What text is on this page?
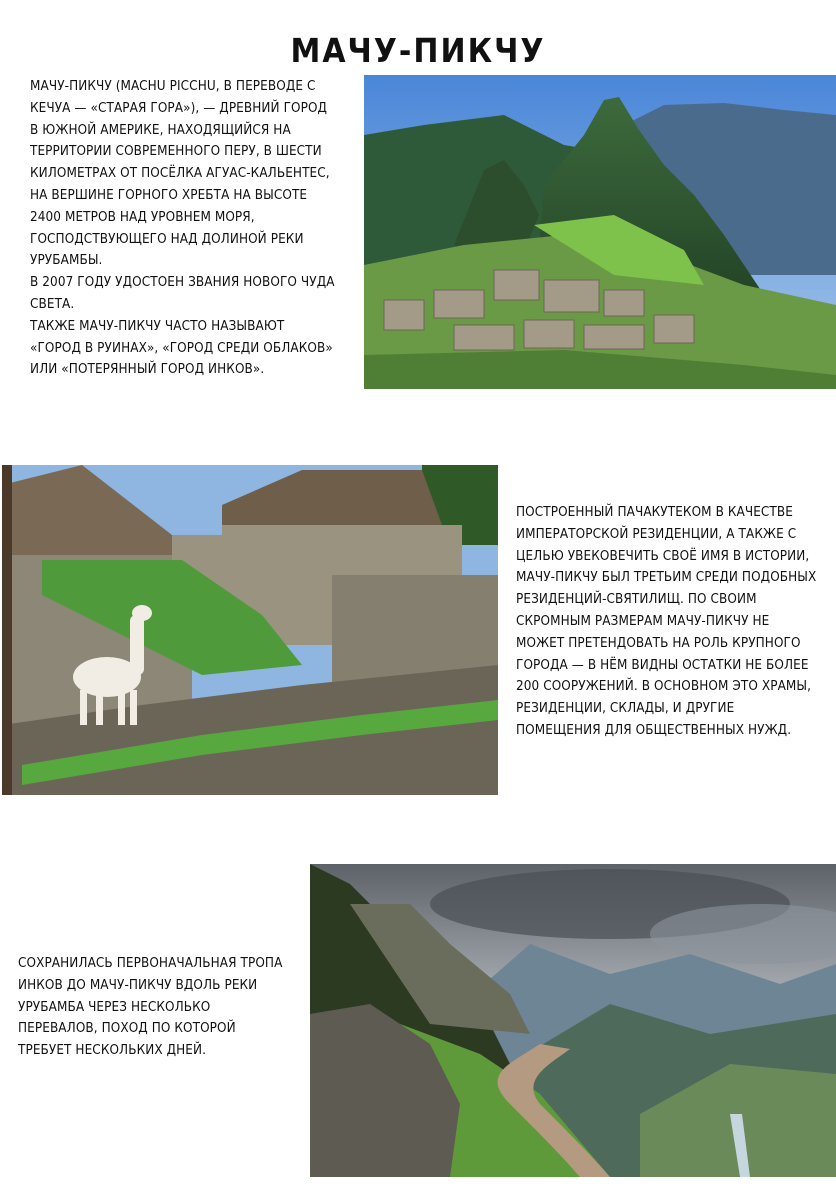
МАЧУ-ПИКЧУ

МАЧУ-ПИКЧУ (MACHU PICCHU, В ПЕРЕВОДЕ С КЕЧУА — «СТАРАЯ ГОРА»), — ДРЕВНИЙ ГОРОД В ЮЖНОЙ АМЕРИКЕ, НАХОДЯЩИЙСЯ НА ТЕРРИТОРИИ СОВРЕМЕННОГО ПЕРУ, В ШЕСТИ КИЛОМЕТРАХ ОТ ПОСЁЛКА АГУАС-КАЛЬЕНТЕС, НА ВЕРШИНЕ ГОРНОГО ХРЕБТА НА ВЫСОТЕ 2400 МЕТРОВ НАД УРОВНЕМ МОРЯ, ГОСПОДСТВУЮЩЕГО НАД ДОЛИНОЙ РЕКИ УРУБАМБЫ.

В 2007 ГОДУ УДОСТОЕН ЗВАНИЯ НОВОГО ЧУДА СВЕТА.

ТАКЖЕ МАЧУ-ПИКЧУ ЧАСТО НАЗЫВАЮТ «ГОРОД В РУИНАХ», «ГОРОД СРЕДИ ОБЛАКОВ» ИЛИ «ПОТЕРЯННЫЙ ГОРОД ИНКОВ».

ПОСТРОЕННЫЙ ПАЧАКУТЕКОМ В КАЧЕСТВЕ ИМПЕРАТОРСКОЙ РЕЗИДЕНЦИИ, А ТАКЖЕ С ЦЕЛЬЮ УВЕКОВЕЧИТЬ СВОЁ ИМЯ В ИСТОРИИ, МАЧУ-ПИКЧУ БЫЛ ТРЕТЬИМ СРЕДИ ПОДОБНЫХ РЕЗИДЕНЦИЙ-СВЯТИЛИЩ. ПО СВОИМ СКРОМНЫМ РАЗМЕРАМ МАЧУ-ПИКЧУ НЕ МОЖЕТ ПРЕТЕНДОВАТЬ НА РОЛЬ КРУПНОГО ГОРОДА — В НЁМ ВИДНЫ ОСТАТКИ НЕ БОЛЕЕ 200 СООРУЖЕНИЙ. В ОСНОВНОМ ЭТО ХРАМЫ, РЕЗИДЕНЦИИ, СКЛАДЫ, И ДРУГИЕ ПОМЕЩЕНИЯ ДЛЯ ОБЩЕСТВЕННЫХ НУЖД.

СОХРАНИЛАСЬ ПЕРВОНАЧАЛЬНАЯ ТРОПА ИНКОВ ДО МАЧУ-ПИКЧУ ВДОЛЬ РЕКИ УРУБАМБА ЧЕРЕЗ НЕСКОЛЬКО ПЕРЕВАЛОВ, ПОХОД ПО КОТОРОЙ ТРЕБУЕТ НЕСКОЛЬКИХ ДНЕЙ.
